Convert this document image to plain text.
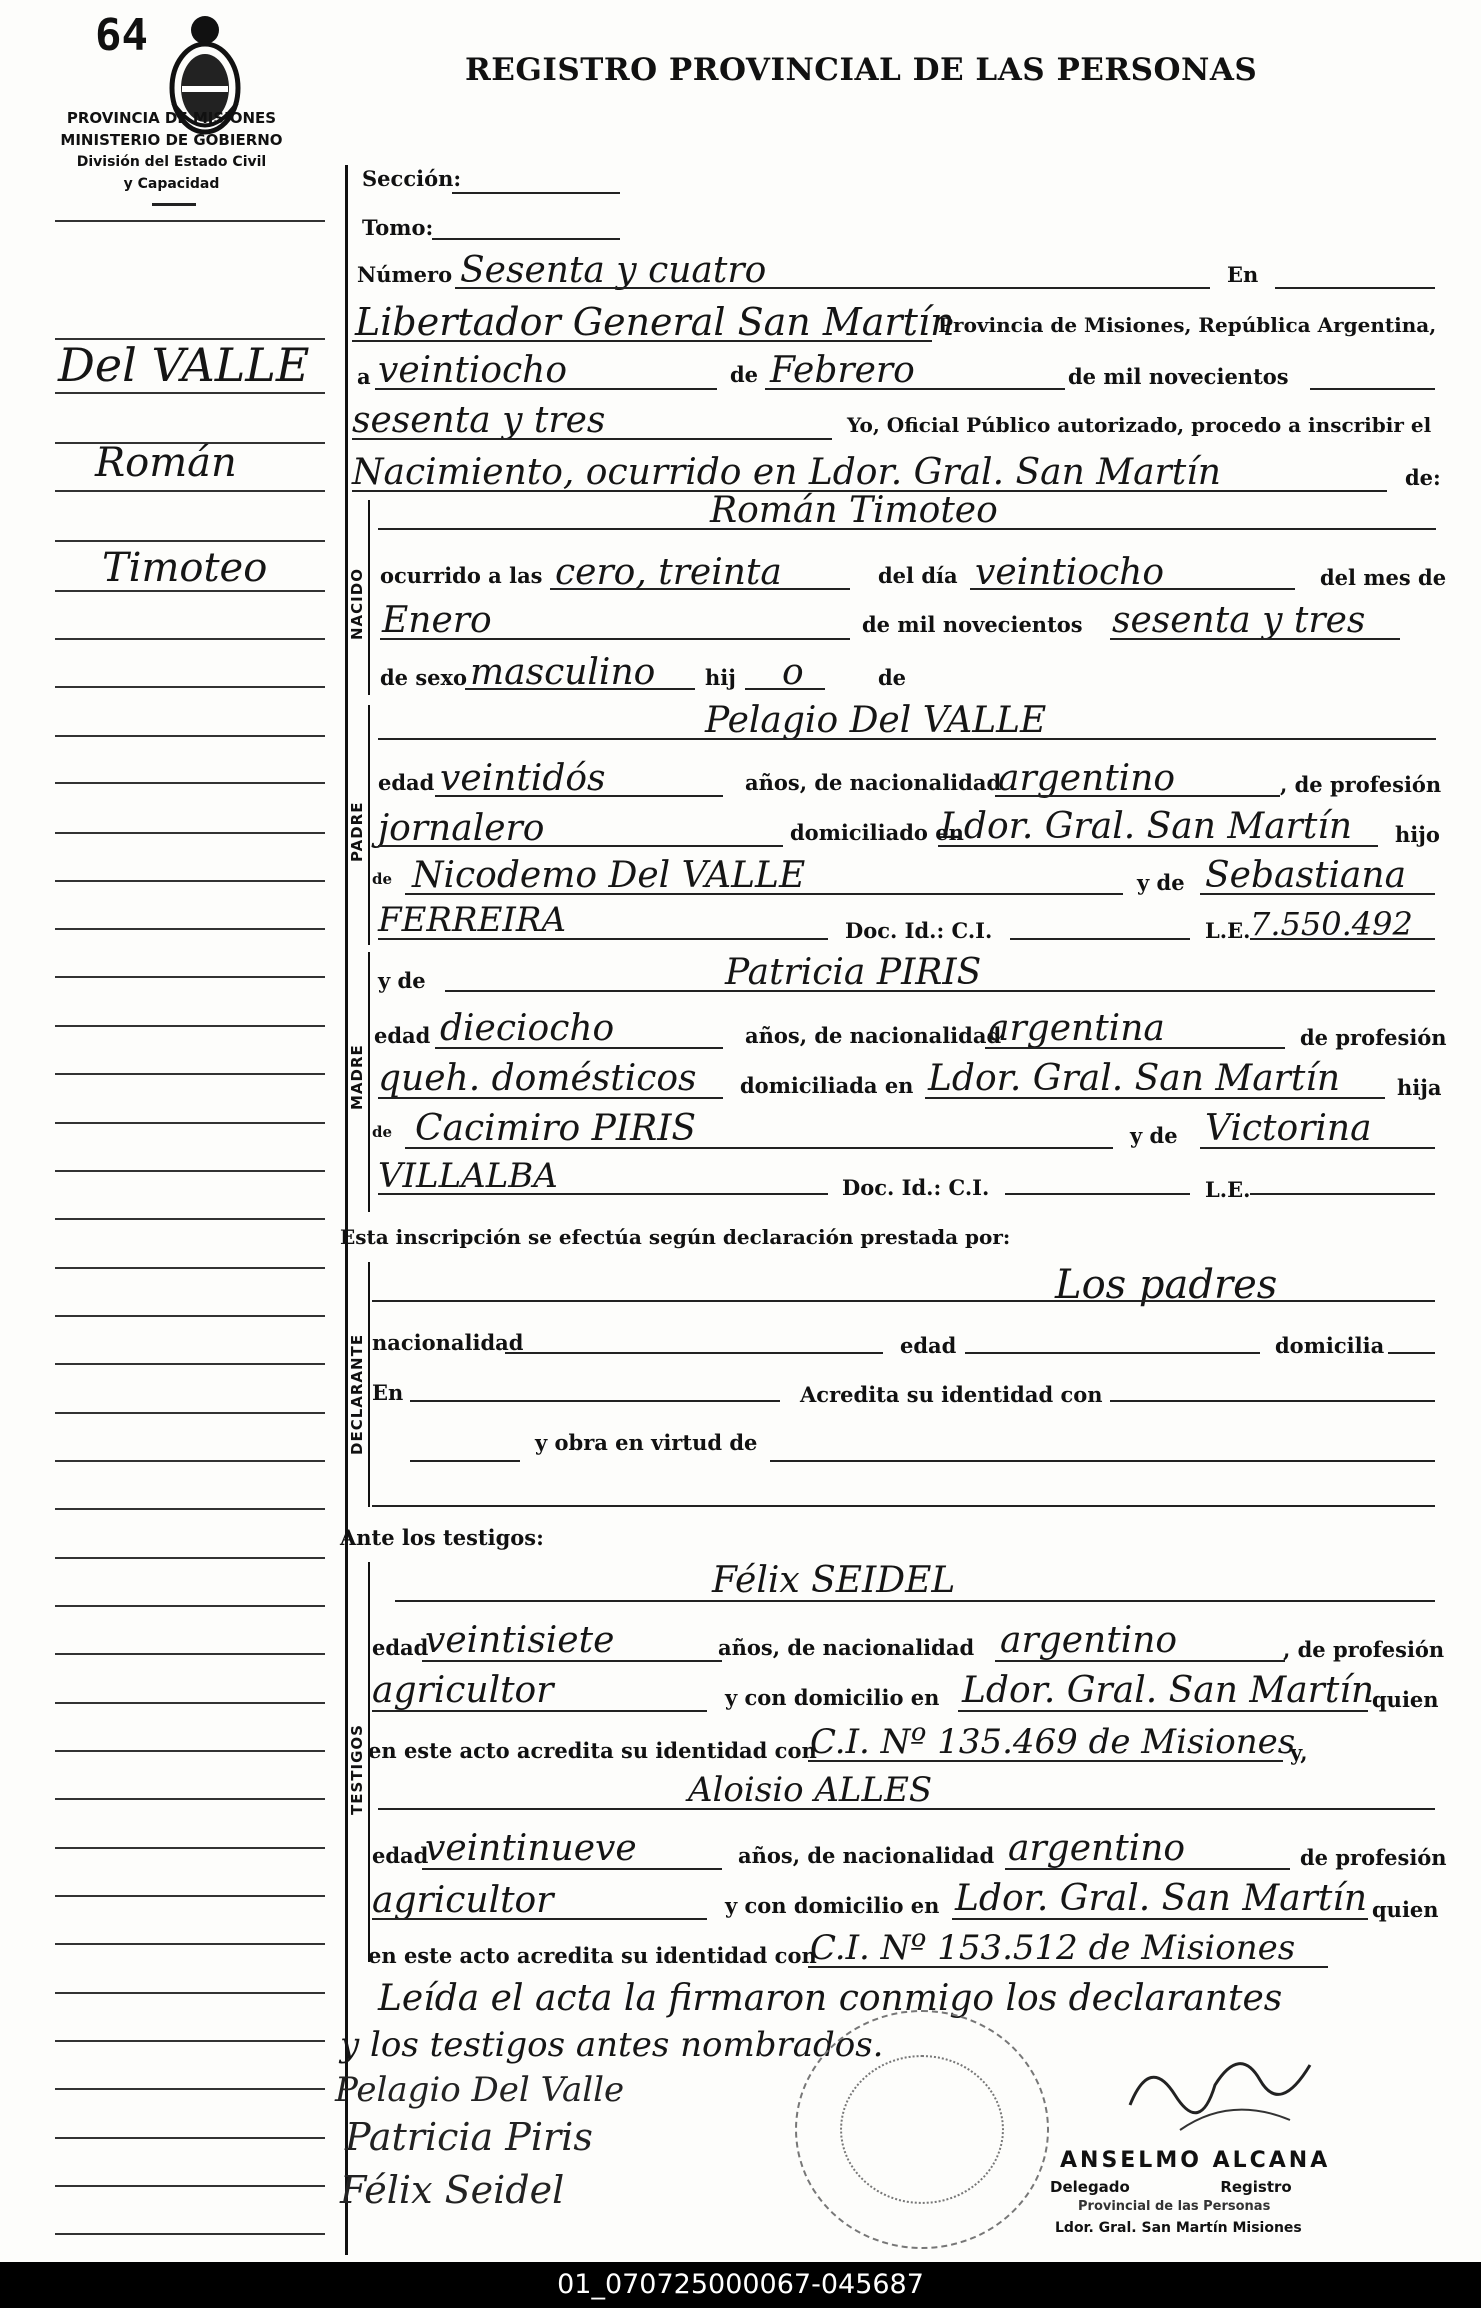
64
REGISTRO PROVINCIAL DE LAS PERSONAS
PROVINCIA DE MISIONES
MINISTERIO DE GOBIERNO
División del Estado Civil
y Capacidad
Del VALLE
Román
Timoteo
Sección:
Tomo:
Número Sesenta y cuatro	En
Libertador General San Martín
Provincia de Misiones, República Argentina,
a veintiocho	de Febrero	de mil novecientos
sesenta y tres	Yo, Oficial Público autorizado, procedo a inscribir el
Nacimiento, ocurrido en Ldor. Gral. San Martín	de:
NACIDO
Román Timoteo
ocurrido a las cero, treinta	del día veintiocho	del mes de
Enero	de mil novecientos sesenta y tres
de sexo masculino hij o	de
PADRE
Pelagio Del VALLE
edad veintidós	años, de nacionalidad
argentino	, de profesión
jornalero	domiciliado en
Ldor. Gral. San Martín hijo
de Nicodemo Del VALLE	y de Sebastiana
FERREIRA	Doc. Id.: C.I.	L.E. 7.550.492
MADRE
y de	Patricia PIRIS
edad dieciocho	años, de nacionalidad
argentina	de profesión
queh. domésticos domiciliada en Ldor. Gral. San Martín	hija
de Cacimiro PIRIS	y de Victorina
VILLALBA	Doc. Id.: C.I.	L.E.
Esta inscripción se efectúa según declaración prestada por:
DECLARANTE
Los padres
nacionalidad	edad	domicilia
En	Acredita su identidad con
y obra en virtud de
Ante los testigos:
TESTIGOS
Félix SEIDEL
edad
veintisiete	años, de nacionalidad argentino	, de profesión
agricultor	y con domicilio en Ldor. Gral. San Martín
quien
en este acto acredita su identidad con
C.I. Nº 135.469 de Misiones
y,
Aloisio ALLES
edad
veintinueve	años, de nacionalidad argentino	de profesión
agricultor	y con domicilio en Ldor. Gral. San Martín quien
en este acto acredita su identidad con
C.I. Nº 153.512 de Misiones
Leída el acta la firmaron conmigo los declarantes
y los testigos antes nombrados.
Pelagio Del Valle
Patricia Piris
Félix Seidel
ANSELMO ALCANA
Delegado	Registro
Provincial de las Personas
Ldor. Gral. San Martín Misiones
01_070725000067-045687
